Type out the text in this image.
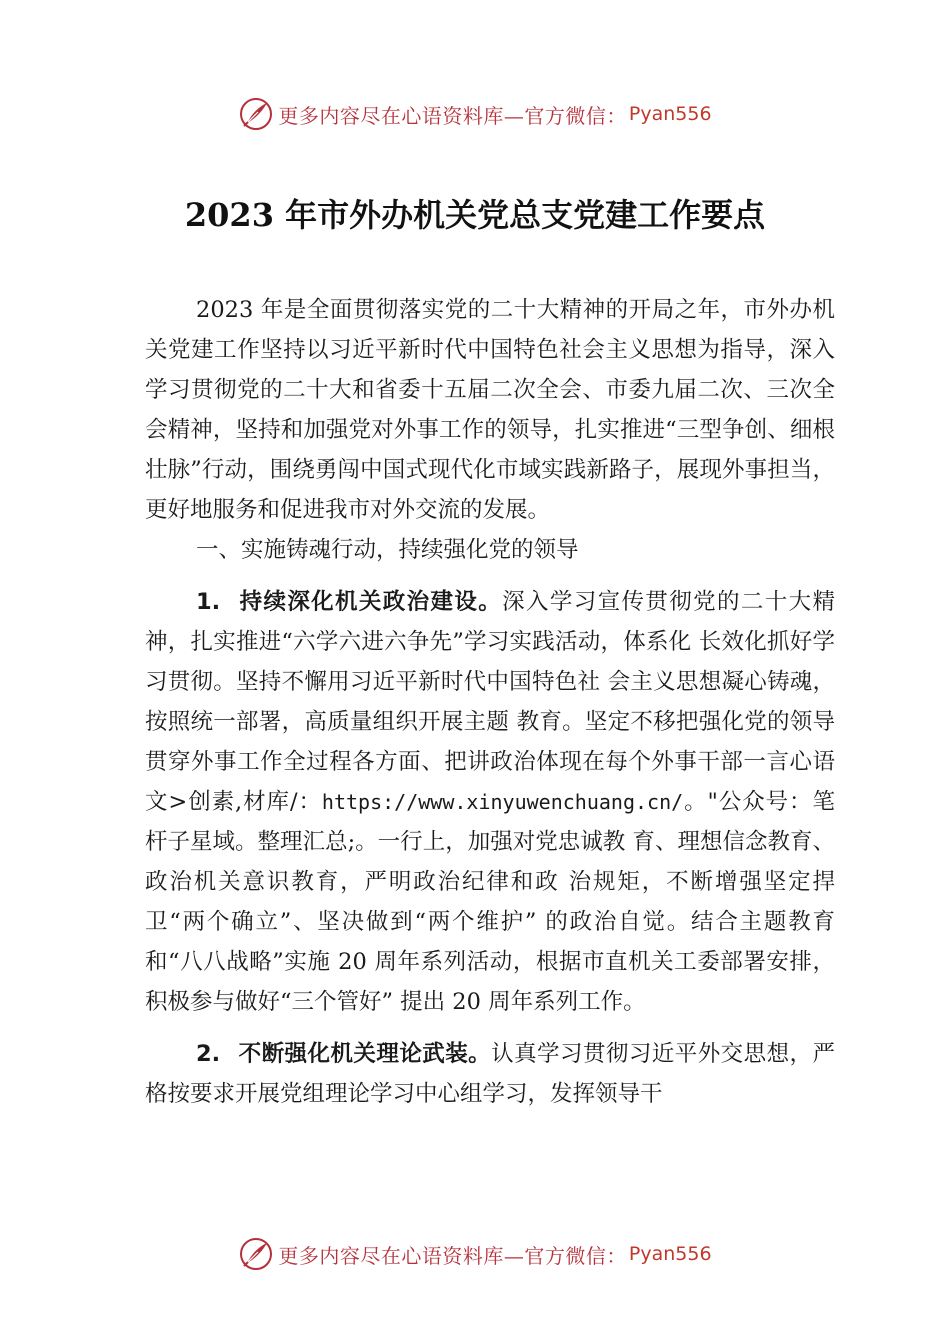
更多内容尽在心语资料库—官方微信： Pyan556
2023 年市外办机关党总支党建工作要点

2023 年是全面贯彻落实党的二十大精神的开局之年，市外办机关党建工作坚持以习近平新时代中国特色社会主义思想为指导，深入学习贯彻党的二十大和省委十五届二次全会、市委九届二次、三次全会精神，坚持和加强党对外事工作的领导，扎实推进“三型争创、细根壮脉”行动，围绕勇闯中国式现代化市域实践新路子，展现外事担当，更好地服务和促进我市对外交流的发展。

一、实施铸魂行动，持续强化党的领导

1. 持续深化机关政治建设。深入学习宣传贯彻党的二十大精神，扎实推进“六学六进六争先”学习实践活动，体系化 长效化抓好学习贯彻。坚持不懈用习近平新时代中国特色社 会主义思想凝心铸魂，按照统一部署，高质量组织开展主题 教育。坚定不移把强化党的领导贯穿外事工作全过程各方面、把讲政治体现在每个外事干部一言心语文>创素,材库/：https://www.xinyuwenchuang.cn/。"公众号：笔杆子星域。整理汇总;。一行上，加强对党忠诚教 育、理想信念教育、政治机关意识教育，严明政治纪律和政 治规矩，不断增强坚定捍卫“两个确立”、坚决做到“两个维护” 的政治自觉。结合主题教育和“八八战略”实施 20 周年系列活动，根据市直机关工委部署安排，积极参与做好“三个管好” 提出 20 周年系列工作。

2. 不断强化机关理论武装。认真学习贯彻习近平外交思想，严格按要求开展党组理论学习中心组学习，发挥领导干

更多内容尽在心语资料库—官方微信： Pyan556
